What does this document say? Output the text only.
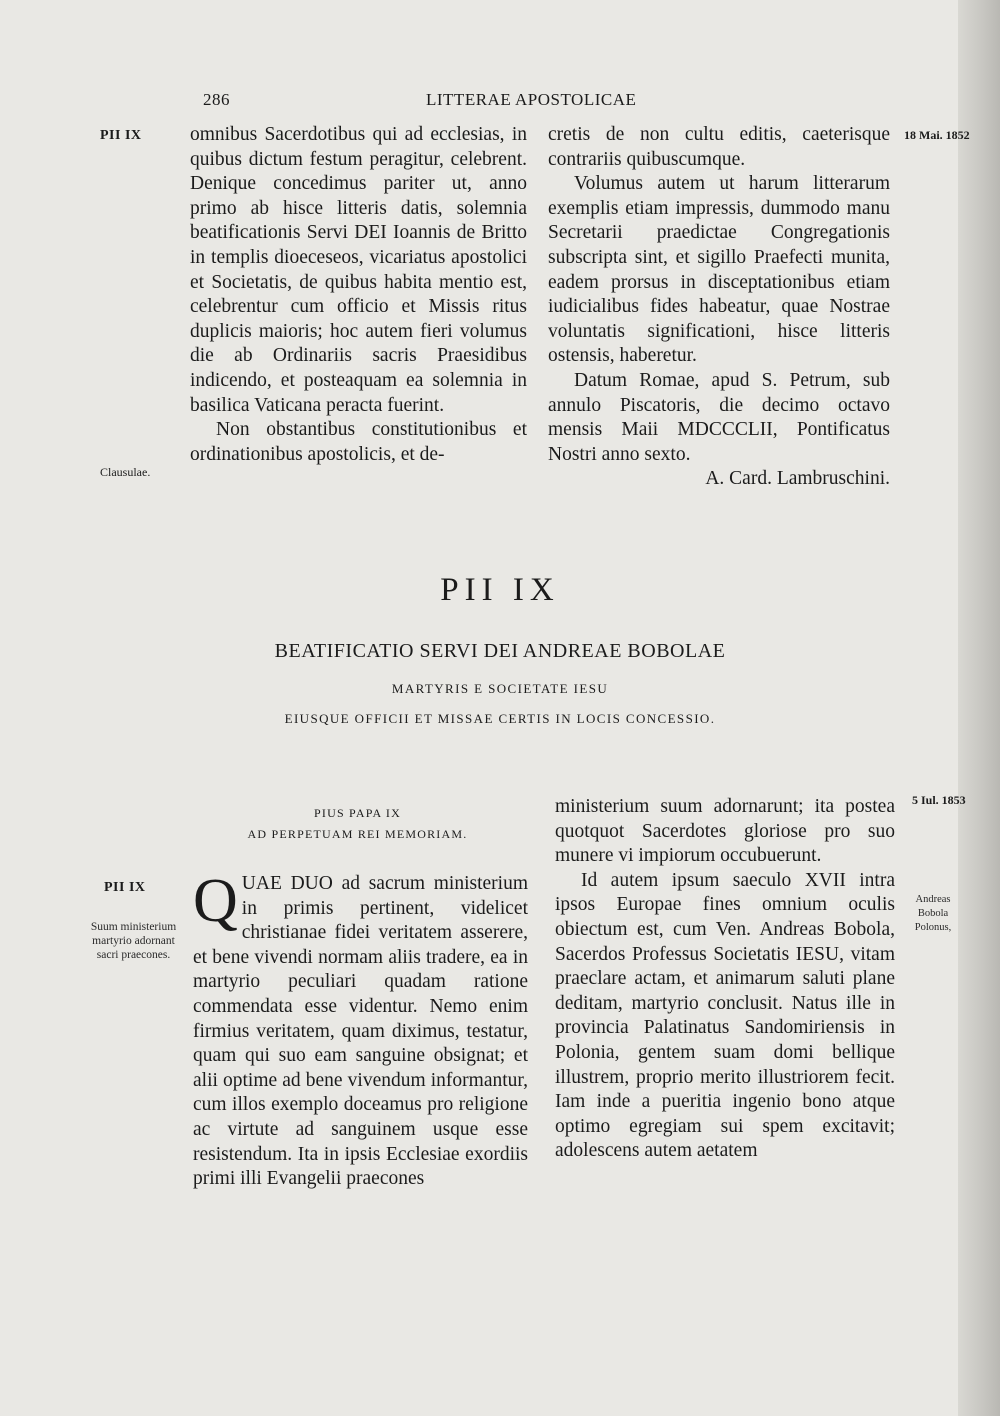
286	LITTERAE APOSTOLICAE
PII IX
Clausulae.
PII IX
Suum ministerium martyrio adornant sacri praecones.
18 Mai. 1852
5 Iul. 1853
Andreas Bobola Polonus,

omnibus Sacerdotibus qui ad ecclesias, in quibus dictum festum peragitur, celebrent. Denique concedimus pariter ut, anno primo ab hisce litteris datis, solemnia beatificationis Servi DEI Ioannis de Britto in templis dioeceseos, vicariatus apostolici et Societatis, de quibus habita mentio est, celebrentur cum officio et Missis ritus duplicis maioris; hoc autem fieri volumus die ab Ordinariis sacris Praesidibus indicendo, et posteaquam ea solemnia in basilica Vaticana peracta fuerint.

Non obstantibus constitutionibus et ordinationibus apostolicis, et de-

cretis de non cultu editis, caeterisque contrariis quibuscumque.

Volumus autem ut harum litterarum exemplis etiam impressis, dummodo manu Secretarii praedictae Congregationis subscripta sint, et sigillo Praefecti munita, eadem prorsus in disceptationibus etiam iudicialibus fides habeatur, quae Nostrae voluntatis significationi, hisce litteris ostensis, haberetur.

Datum Romae, apud S. Petrum, sub annulo Piscatoris, die decimo octavo mensis Maii MDCCCLII, Pontificatus Nostri anno sexto.

A. Card. Lambruschini.

PII IX
BEATIFICATIO SERVI DEI ANDREAE BOBOLAE
MARTYRIS E SOCIETATE IESU
EIUSQUE OFFICII ET MISSAE CERTIS IN LOCIS CONCESSIO.
PIUS PAPA IX
AD PERPETUAM REI MEMORIAM.

QUAE DUO ad sacrum ministerium in primis pertinent, videlicet christianae fidei veritatem asserere, et bene vivendi normam aliis tradere, ea in martyrio peculiari quadam ratione commendata esse videntur. Nemo enim firmius veritatem, quam diximus, testatur, quam qui suo eam sanguine obsignat; et alii optime ad bene vivendum informantur, cum illos exemplo doceamus pro religione ac virtute ad sanguinem usque esse resistendum. Ita in ipsis Ecclesiae exordiis primi illi Evangelii praecones

ministerium suum adornarunt; ita postea quotquot Sacerdotes gloriose pro suo munere vi impiorum occubuerunt.

Id autem ipsum saeculo XVII intra ipsos Europae fines omnium oculis obiectum est, cum Ven. Andreas Bobola, Sacerdos Professus Societatis IESU, vitam praeclare actam, et animarum saluti plane deditam, martyrio conclusit. Natus ille in provincia Palatinatus Sandomiriensis in Polonia, gentem suam domi bellique illustrem, proprio merito illustriorem fecit. Iam inde a pueritia ingenio bono atque optimo egregiam sui spem excitavit; adolescens autem aetatem
